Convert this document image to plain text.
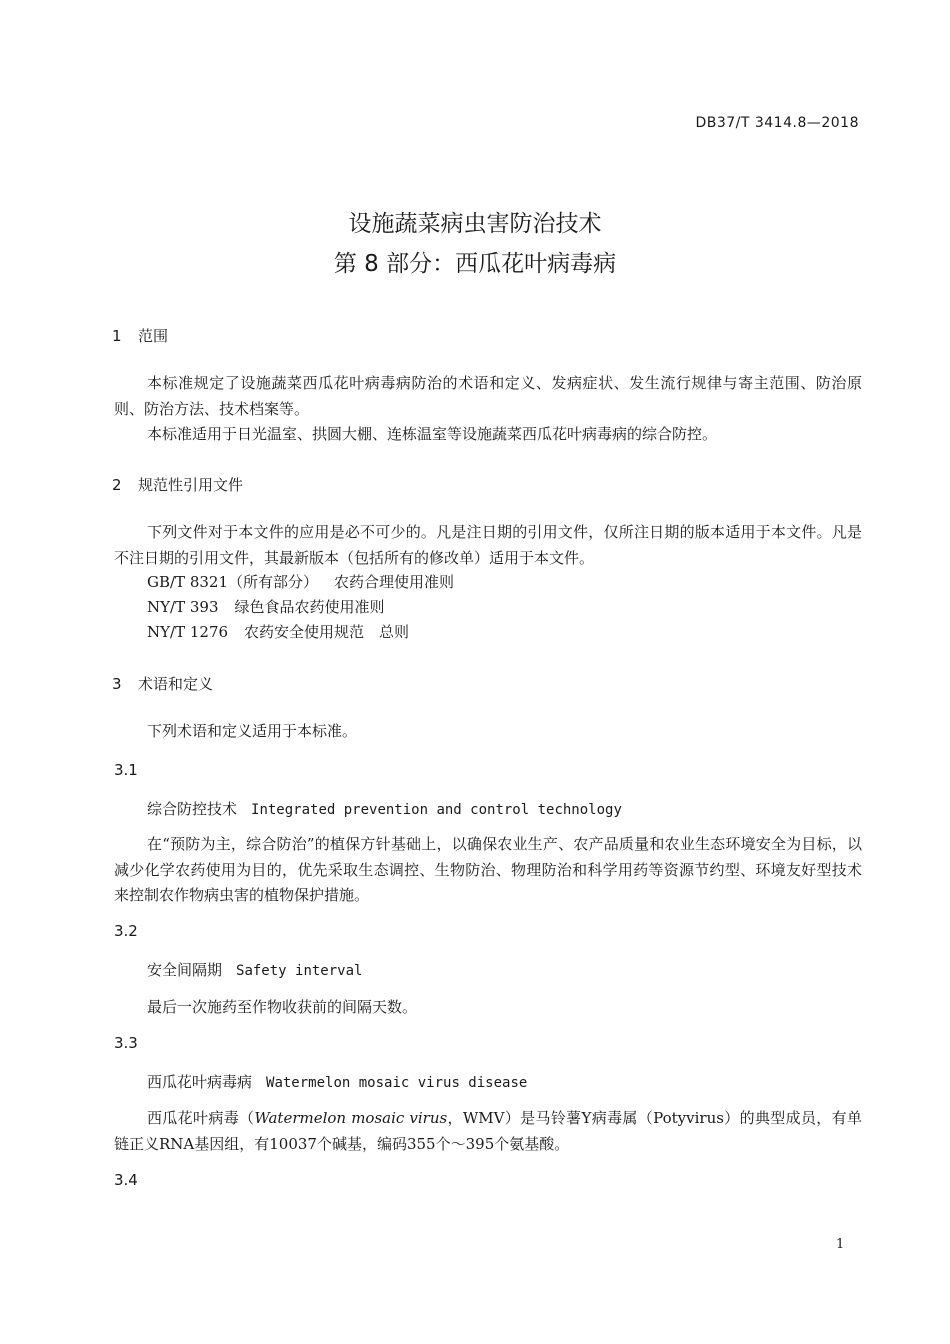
DB37/T 3414.8—2018
设施蔬菜病虫害防治技术
第 8 部分：西瓜花叶病毒病
1 范围
本标准规定了设施蔬菜西瓜花叶病毒病防治的术语和定义、发病症状、发生流行规律与寄主范围、防治原则、防治方法、技术档案等。
本标准适用于日光温室、拱圆大棚、连栋温室等设施蔬菜西瓜花叶病毒病的综合防控。
2 规范性引用文件
下列文件对于本文件的应用是必不可少的。凡是注日期的引用文件，仅所注日期的版本适用于本文件。凡是不注日期的引用文件，其最新版本（包括所有的修改单）适用于本文件。
GB/T 8321（所有部分） 农药合理使用准则
NY/T 393 绿色食品农药使用准则
NY/T 1276 农药安全使用规范　总则
3 术语和定义
下列术语和定义适用于本标准。
3.1
综合防控技术 Integrated prevention and control technology
在“预防为主，综合防治”的植保方针基础上，以确保农业生产、农产品质量和农业生态环境安全为目标，以减少化学农药使用为目的，优先采取生态调控、生物防治、物理防治和科学用药等资源节约型、环境友好型技术来控制农作物病虫害的植物保护措施。
3.2
安全间隔期 Safety interval
最后一次施药至作物收获前的间隔天数。
3.3
西瓜花叶病毒病 Watermelon mosaic virus disease
西瓜花叶病毒（Watermelon mosaic virus，WMV）是马铃薯Y病毒属（Potyvirus）的典型成员，有单链正义RNA基因组，有10037个碱基，编码355个～395个氨基酸。
3.4
1
